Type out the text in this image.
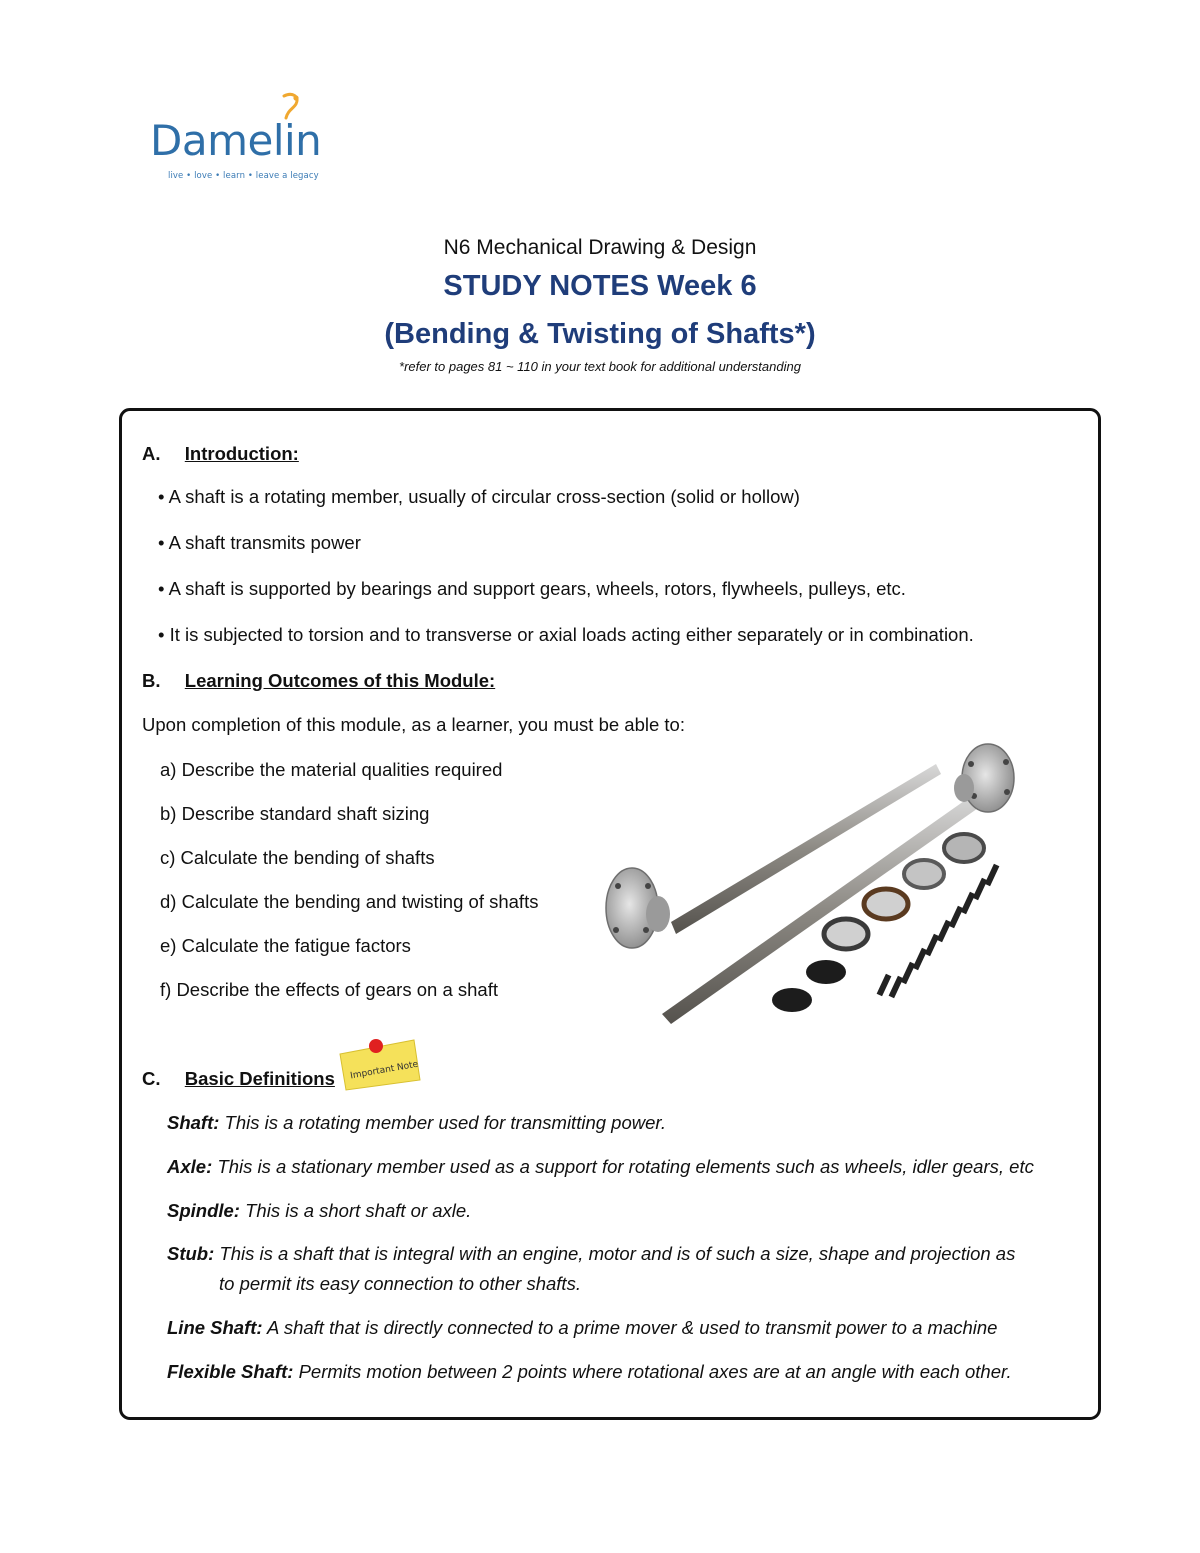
Damelin
live • love • learn • leave a legacy
N6 Mechanical Drawing & Design
STUDY NOTES Week 6
(Bending & Twisting of Shafts*)
*refer to pages 81 ~ 110 in your text book for additional understanding
A. Introduction:
• A shaft is a rotating member, usually of circular cross-section (solid or hollow)
• A shaft transmits power
• A shaft is supported by bearings and support gears, wheels, rotors, flywheels, pulleys, etc.
• It is subjected to torsion and to transverse or axial loads acting either separately or in combination.
B. Learning Outcomes of this Module:
Upon completion of this module, as a learner, you must be able to:
a) Describe the material qualities required
b) Describe standard shaft sizing
c) Calculate the bending of shafts
d) Calculate the bending and twisting of shafts
e) Calculate the fatigue factors
f) Describe the effects of gears on a shaft
C. Basic Definitions Important Note
Shaft: This is a rotating member used for transmitting power.
Axle: This is a stationary member used as a support for rotating elements such as wheels, idler gears, etc
Spindle: This is a short shaft or axle.
Stub: This is a shaft that is integral with an engine, motor and is of such a size, shape and projection as
to permit its easy connection to other shafts.
Line Shaft: A shaft that is directly connected to a prime mover & used to transmit power to a machine
Flexible Shaft: Permits motion between 2 points where rotational axes are at an angle with each other.
